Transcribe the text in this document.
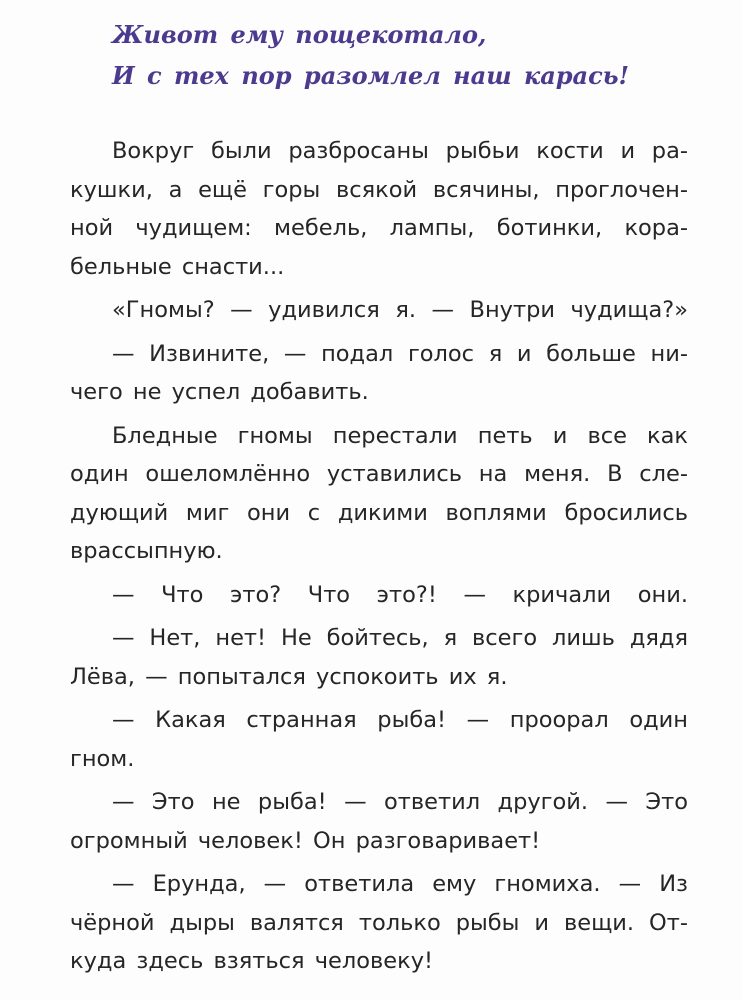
Живот ему пощекотало,
И с тех пор разомлел наш карась!
Вокруг были разбросаны рыбьи кости и ра-
кушки, а ещё горы всякой всячины, проглочен-
ной чудищем: мебель, лампы, ботинки, кора-
бельные снасти...
«Гномы? — удивился я. — Внутри чудища?»
— Извините, — подал голос я и больше ни-
чего не успел добавить.
Бледные гномы перестали петь и все как
один ошеломлённо уставились на меня. В сле-
дующий миг они с дикими воплями бросились
врассыпную.
— Что это? Что это?! — кричали они.
— Нет, нет! Не бойтесь, я всего лишь дядя
Лёва, — попытался успокоить их я.
— Какая странная рыба! — проорал один
гном.
— Это не рыба! — ответил другой. — Это
огромный человек! Он разговаривает!
— Ерунда, — ответила ему гномиха. — Из
чёрной дыры валятся только рыбы и вещи. От-
куда здесь взяться человеку!
